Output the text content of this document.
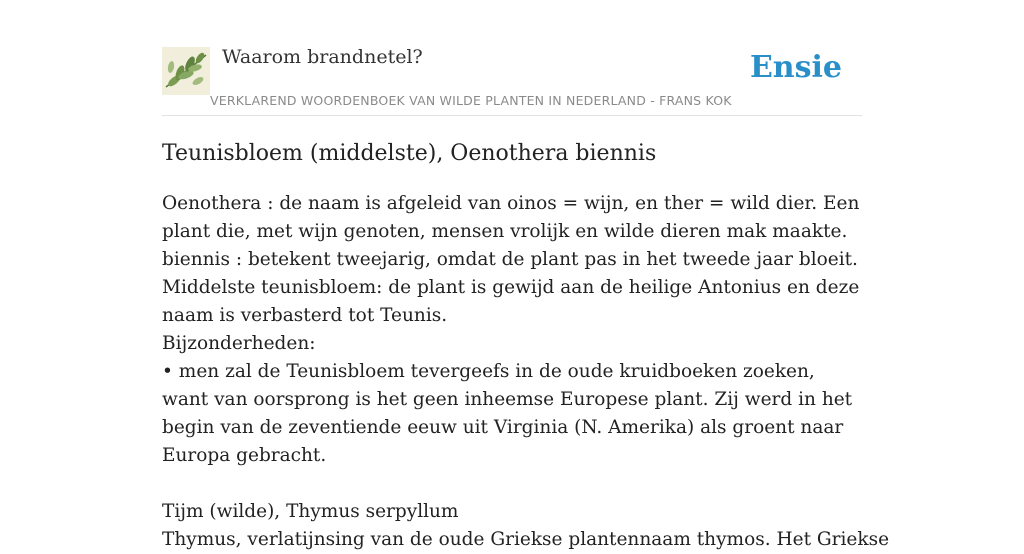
Waarom brandnetel?
VERKLAREND WOORDENBOEK VAN WILDE PLANTEN IN NEDERLAND - FRANS KOK
Ensie
Teunisbloem (middelste), Oenothera biennis

Oenothera : de naam is afgeleid van oinos = wijn, en ther = wild dier. Een plant die, met wijn genoten, mensen vrolijk en wilde dieren mak maakte.

biennis : betekent tweejarig, omdat de plant pas in het tweede jaar bloeit.

Middelste teunisbloem: de plant is gewijd aan de heilige Antonius en deze naam is verbasterd tot Teunis.

Bijzonderheden:

• men zal de Teunisbloem tevergeefs in de oude kruidboeken zoeken, want van oorsprong is het geen inheemse Europese plant. Zij werd in het begin van de zeventiende eeuw uit Virginia (N. Amerika) als groent naar Europa gebracht.

Tijm (wilde), Thymus serpyllum

Thymus, verlatijnsing van de oude Griekse plantennaam thymos. Het Griekse
